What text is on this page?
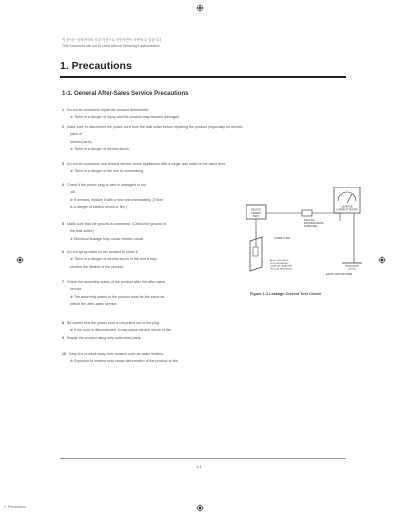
이 문서는 삼성전자의 기술 자산으로 승인자만이 사용할 수 있습니다
This Document can not be used without Samsung's authorization
1. Precautions
1-1. General After-Sales Service Precautions
1 Do not let customers repair the product themselves.
※ There is a danger of injury and the product may become damaged
2 Make sure to disconnect the power cord from the wall outlet before repairing the product (especially for electric
parts of
electric parts).
※ There is a danger of electric shock.
3 Do not let customers use several electric home appliances with a single wall outlet at the same time.
※ There is a danger of fire due to overheating.
4 Check if the power plug or wire is damaged or too
old.
※ If needed, replace it with a new one immediately. (There
is a danger of electric shock or fire.)
5 Make sure that the ground is connected. (Check the ground of
the wall outlet.)
※ Electrical leakage may cause electric shock.
6 Do not spray water on the product to clean it.
※ There is a danger of electric shock or fire and it may
shorten the lifetime of the product.
7 Check the assembly status of the product after the after-sales
service.
※ The assembly status of the product must be the same as
before the after-sales service.
8 Be careful that the power cord is not pulled out of the plug.
※ If the cord is disconnected, it may cause electric shock or fire.
9 Repair the product using only authorized parts.
10 Keep the product away from heaters such as water heaters.
※ Exposure to heaters may cause deformation of the product or fire.
DEVICE
UNDER
TEST
LEAKAGE
CURRENT TESTER
TEST ALL
EXPOSED METAL
SURFACES
2-WIRE CORD
ALSO TEST WITH
PLUG REVERSED
(USING AC ADAPTER
PLUG AS REQUIRED)
EARTH GROUND WIRE
Figure 1-1 Leakage Current Test Circuit
1-1
1. Precautions
